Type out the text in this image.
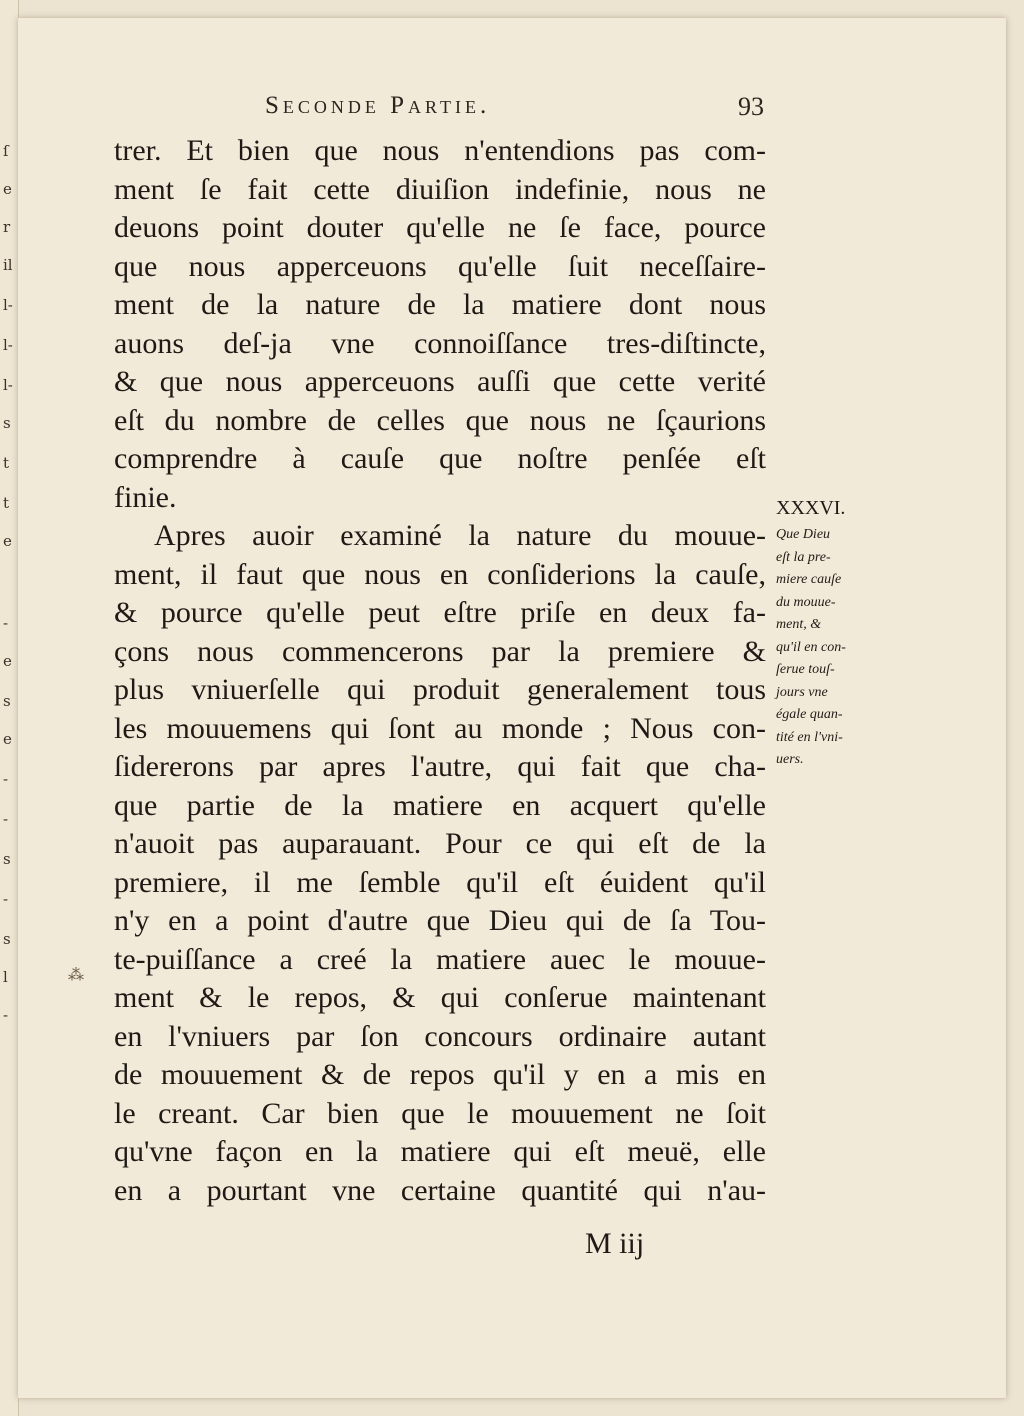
ſ
e
r
il
l-
l-
l-
s
t
t
e
-
e
s
e
-
-
s
-
s
l
-
Seconde Partie.	93
trer. Et bien que nous n'entendions pas com-
ment ſe fait cette diuiſion indefinie, nous ne
deuons point douter qu'elle ne ſe face, pource
que nous apperceuons qu'elle ſuit neceſſaire-
ment de la nature de la matiere dont nous
auons deſ-ja vne connoiſſance tres-diſtincte,
& que nous apperceuons auſſi que cette verité
eſt du nombre de celles que nous ne ſçaurions
comprendre à cauſe que noſtre penſée eſt
finie.
Apres auoir examiné la nature du mouue-
ment, il faut que nous en conſiderions la cauſe,
& pource qu'elle peut eſtre priſe en deux fa-
çons nous commencerons par la premiere &
plus vniuerſelle qui produit generalement tous
les mouuemens qui ſont au monde ; Nous con-
ſidererons par apres l'autre, qui fait que cha-
que partie de la matiere en acquert qu'elle
n'auoit pas auparauant. Pour ce qui eſt de la
premiere, il me ſemble qu'il eſt éuident qu'il
n'y en a point d'autre que Dieu qui de ſa Tou-
te-puiſſance a creé la matiere auec le mouue-
ment & le repos, & qui conſerue maintenant
en l'vniuers par ſon concours ordinaire autant
de mouuement & de repos qu'il y en a mis en
le creant. Car bien que le mouuement ne ſoit
qu'vne façon en la matiere qui eſt meuë, elle
en a pourtant vne certaine quantité qui n'au-
XXXVI.
Que Dieu
eſt la pre-
miere cauſe
du mouue-
ment, &
qu'il en con-
ſerue touſ-
jours vne
égale quan-
tité en l'vni-
uers.
M iij
⁂
